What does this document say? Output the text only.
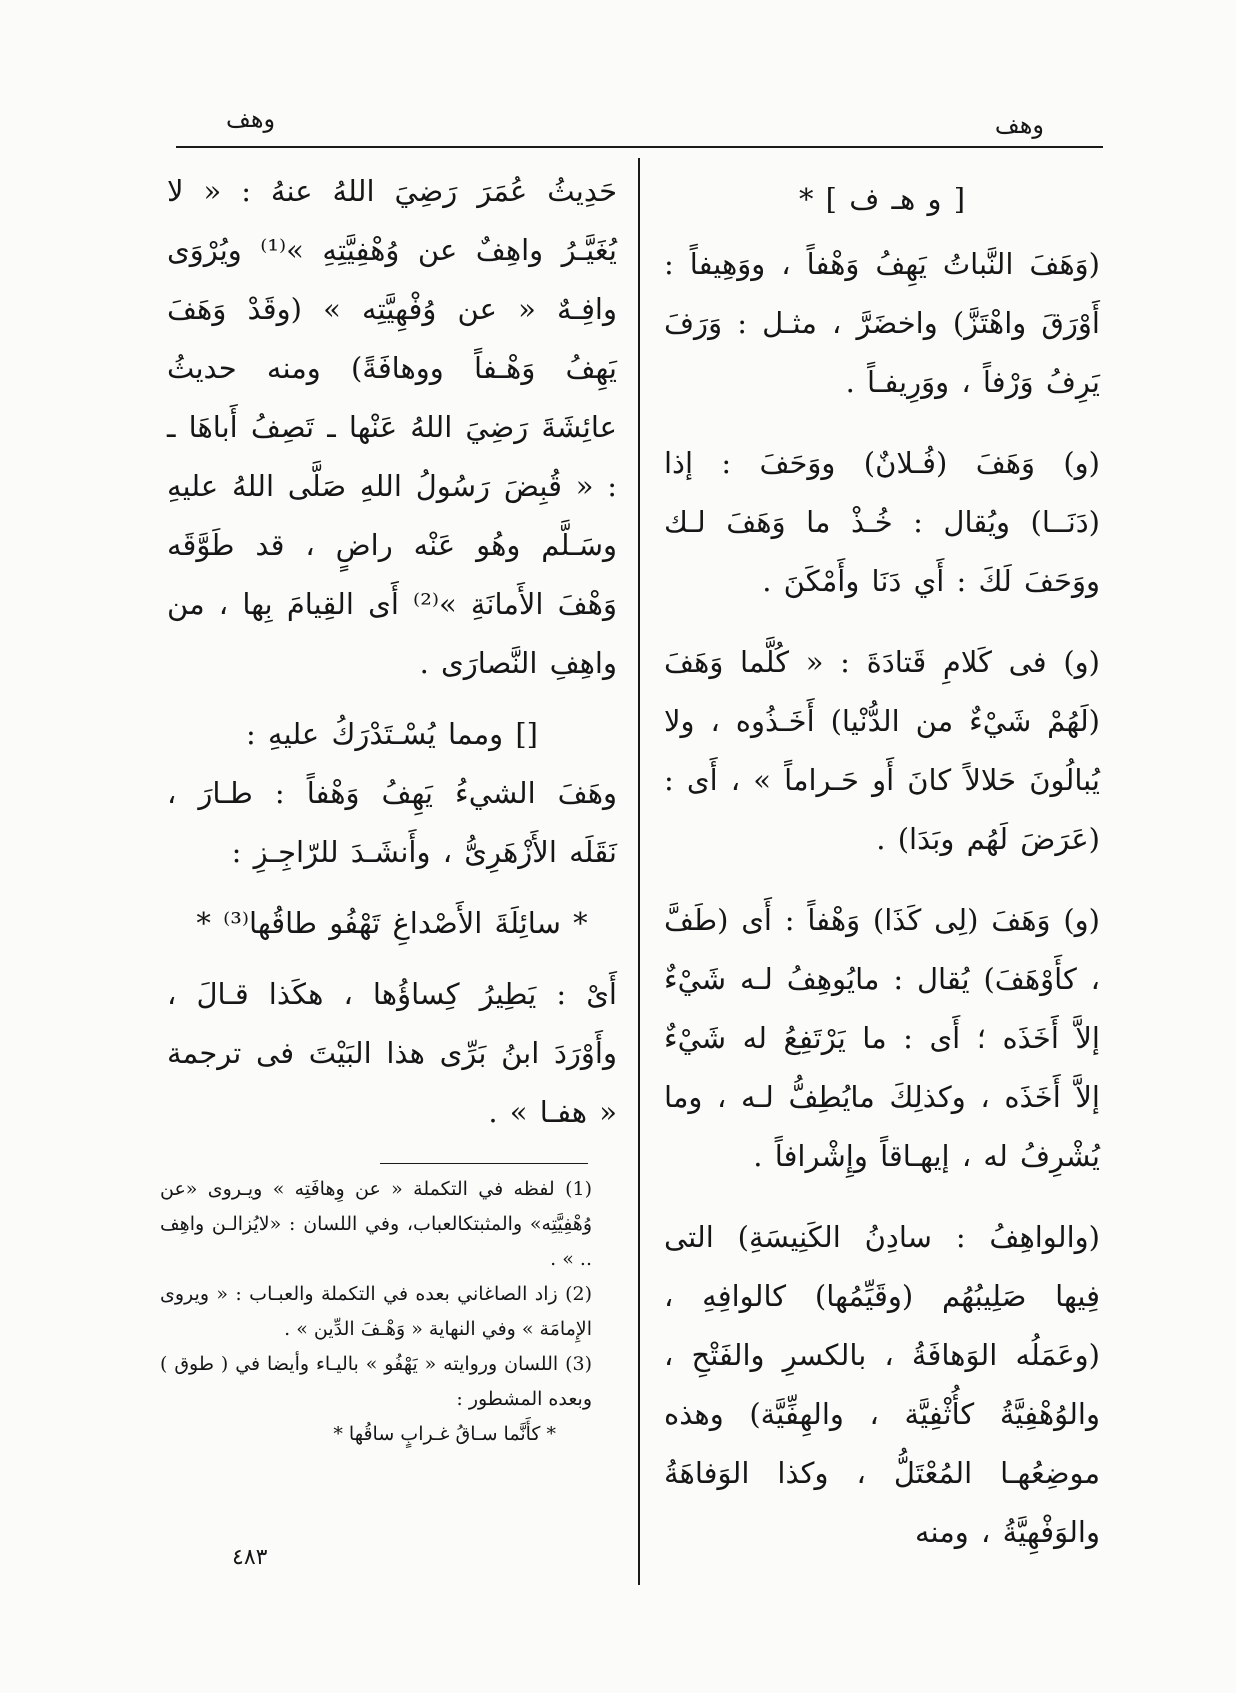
وهف
وهف

[ و هـ ف ] *

(وَهَفَ النَّباتُ يَهِفُ وَهْفاً ، ووَهِيفاً : أَوْرَقَ واهْتَزَّ) واخضَرَّ ، مثـل : وَرَفَ يَرِفُ وَرْفاً ، ووَرِيفـاً .

(و) وَهَفَ (فُـلانٌ) ووَحَفَ : إذا (دَنَــا) ويُقال : خُـذْ ما وَهَفَ لـك ووَحَفَ لَكَ : أَي دَنَا وأَمْكَنَ .

(و) فى كَلامِ قَتادَةَ : « كُلَّما وَهَفَ (لَهُمْ شَيْءٌ من الدُّنْيا) أَخَـذُوه ، ولا يُبالُونَ حَلالاً كانَ أَو حَـراماً » ، أَى : (عَرَضَ لَهُم وبَدَا) .

(و) وَهَفَ (لِى كَذَا) وَهْفاً : أَى (طَفَّ ، كأَوْهَفَ) يُقال : مايُوهِفُ لـه شَيْءٌ إلاَّ أَخَذَه ؛ أَى : ما يَرْتَفِعُ له شَيْءٌ إلاَّ أَخَذَه ، وكذلِكَ مايُطِفُّ لـه ، وما يُشْرِفُ له ، إيهـاقاً وإِشْرافاً .

(والواهِفُ : سادِنُ الكَنِيسَةِ) التى فِيها صَلِيبُهُم (وقَيِّمُها) كالوافِهِ ، (وعَمَلُه الوَهافَةُ ، بالكسرِ والفَتْحِ ، والوُهْفِيَّةُ كأُثْفِيَّة ، والهِفِّيَّة) وهذه موضِعُهـا المُعْتَلُّ ، وكذا الوَفاهَةُ والوَفْهِيَّةُ ، ومنه

حَدِيثُ عُمَرَ رَضِيَ اللهُ عنهُ : « لا يُغَيَّـرُ واهِفٌ عن وُهْفِيَّتِهِ »⁽¹⁾ ويُرْوَى وافِـهٌ « عن وُفْهِيَّتِه » (وقَدْ وَهَفَ يَهِفُ وَهْـفاً ووهافَةً) ومنه حديثُ عائِشَةَ رَضِيَ اللهُ عَنْها ـ تَصِفُ أَباهَا ـ : « قُبِضَ رَسُولُ اللهِ صَلَّى اللهُ عليهِ وسَـلَّم وهُو عَنْه راضٍ ، قد طَوَّقَه وَهْفَ الأَمانَةِ »⁽²⁾ أَى القِيامَ بِها ، من واهِفِ النَّصارَى .

[] ومما يُسْـتَدْرَكُ عليهِ :

وهَفَ الشيءُ يَهِفُ وَهْفاً : طـارَ ، نَقَلَه الأَزْهَرِىُّ ، وأَنشَـدَ للرّاجِـزِ :

* سائِلَةَ الأَصْداغِ تَهْفُو طاقُها⁽³⁾ *

أَىْ : يَطِيرُ كِساؤُها ، هكَذا قـالَ ، وأَوْرَدَ ابنُ بَرِّى هذا البَيْتَ فى ترجمة « هفـا » .

(1) لفظه في التكملة « عن وِهافَتِه » ويـروى «عن وُهْفِيَّتِه» والمثبتكالعباب، وفي اللسان : «لايُزالـن واهِف .. » .

(2) زاد الصاغاني بعده في التكملة والعبـاب : « ويروى الإِمامَة » وفي النهاية « وَهْـفَ الدِّين » .

(3) اللسان وروايته « يَهْفُو » باليـاء وأيضا في ( طوق ) وبعده المشطور :

* كأَنَّما سـاقُ غـرابٍ ساقُها *

٤٨٣
